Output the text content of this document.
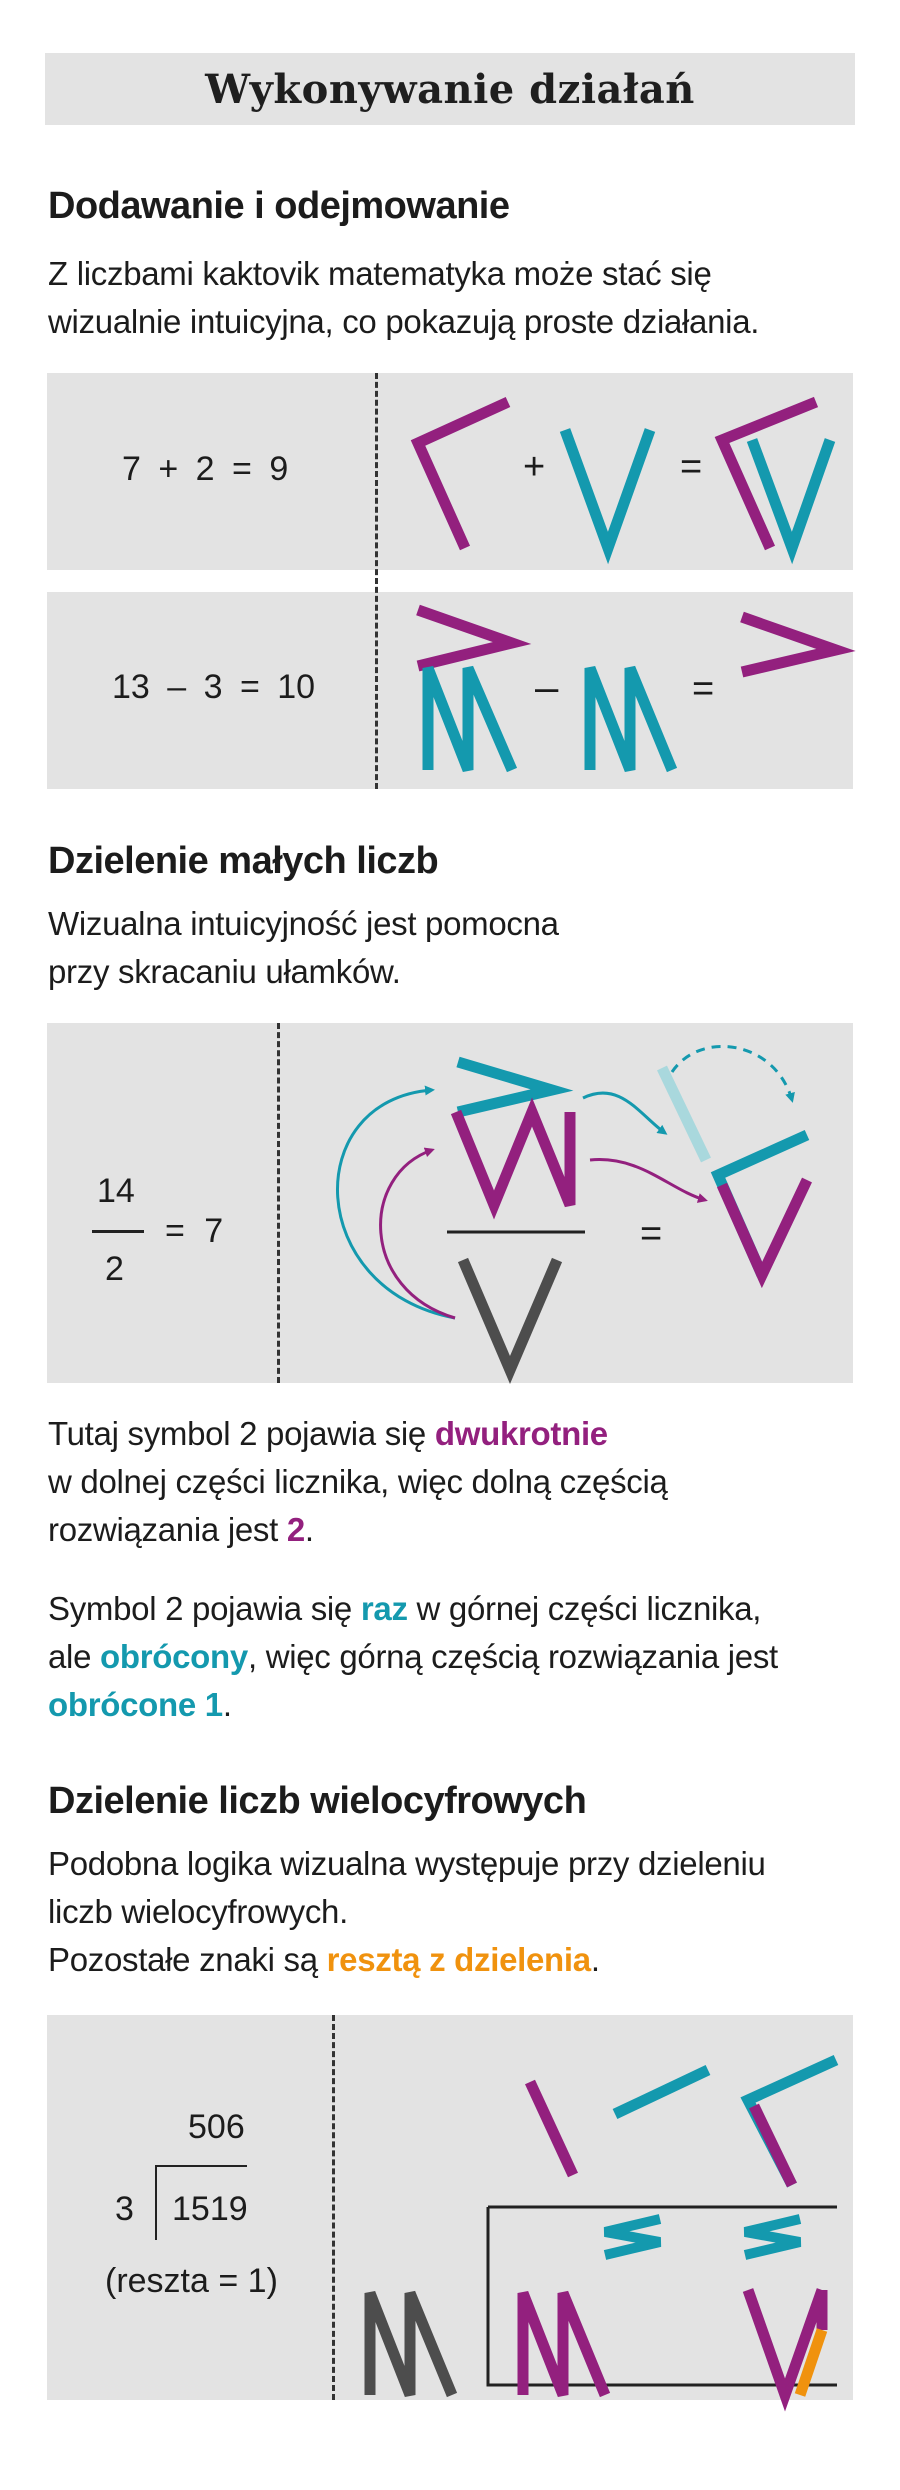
Wykonywanie działań
Dodawanie i odejmowanie
Z liczbami kaktovik matematyka może stać się
wizualnie intuicyjna, co pokazują proste działania.
7 + 2 = 9
13 – 3 = 10
+	=
–	=
Dzielenie małych liczb
Wizualna intuicyjność jest pomocna
przy skracaniu ułamków.
14
2
= 7	=
Tutaj symbol 2 pojawia się dwukrotnie
w dolnej części licznika, więc dolną częścią
rozwiązania jest 2.
Symbol 2 pojawia się raz w górnej części licznika,
ale obrócony, więc górną częścią rozwiązania jest
obrócone 1.
Dzielenie liczb wielocyfrowych
Podobna logika wizualna występuje przy dzieleniu
liczb wielocyfrowych.
Pozostałe znaki są resztą z dzielenia.
506
3 1519
(reszta = 1)
